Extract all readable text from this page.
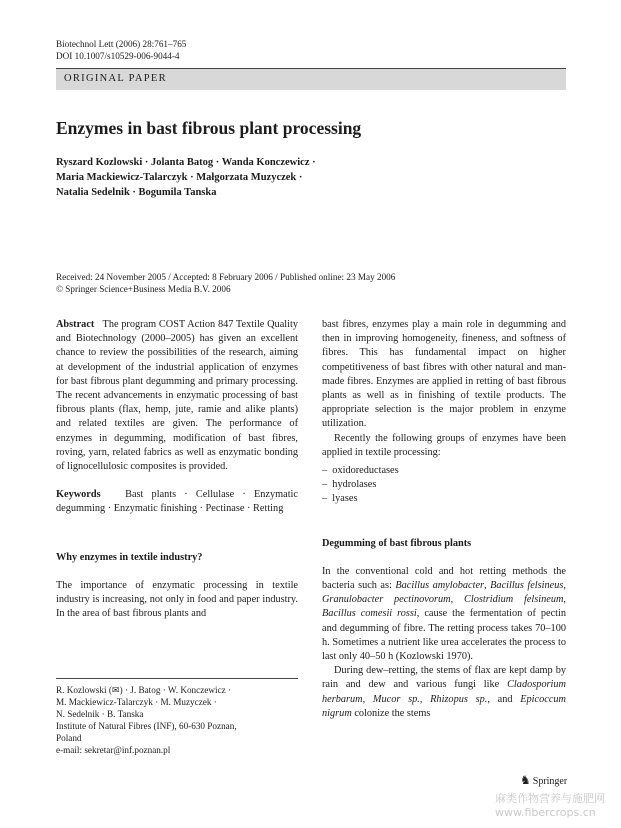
Biotechnol Lett (2006) 28:761–765
DOI 10.1007/s10529-006-9044-4
ORIGINAL PAPER
Enzymes in bast fibrous plant processing
Ryszard Kozlowski · Jolanta Batog · Wanda Konczewicz ·
Maria Mackiewicz-Talarczyk · Małgorzata Muzyczek ·
Natalia Sedelnik · Bogumila Tanska
Received: 24 November 2005 / Accepted: 8 February 2006 / Published online: 23 May 2006
© Springer Science+Business Media B.V. 2006

Abstract The program COST Action 847 Textile Quality and Biotechnology (2000–2005) has given an excellent chance to review the possibilities of the research, aiming at development of the industrial application of enzymes for bast fibrous plant degumming and primary processing. The recent advancements in enzymatic processing of bast fibrous plants (flax, hemp, jute, ramie and alike plants) and related textiles are given. The performance of enzymes in degumming, modification of bast fibres, roving, yarn, related fabrics as well as enzymatic bonding of lignocellulosic composites is provided.

Keywords Bast plants · Cellulase · Enzymatic degumming · Enzymatic finishing · Pectinase · Retting

Why enzymes in textile industry?

The importance of enzymatic processing in textile industry is increasing, not only in food and paper industry. In the area of bast fibrous plants and

R. Kozlowski (✉) · J. Batog · W. Konczewicz ·
M. Mackiewicz-Talarczyk · M. Muzyczek ·
N. Sedelnik · B. Tanska
Institute of Natural Fibres (INF), 60-630 Poznan,
Poland
e-mail: sekretar@inf.poznan.pl

bast fibres, enzymes play a main role in degumming and then in improving homogeneity, fineness, and softness of fibres. This has fundamental impact on higher competitiveness of bast fibres with other natural and man-made fibres. Enzymes are applied in retting of bast fibrous plants as well as in finishing of textile products. The appropriate selection is the major problem in enzyme utilization.

Recently the following groups of enzymes have been applied in textile processing:

–  oxidoreductases
–  hydrolases
–  lyases

Degumming of bast fibrous plants

In the conventional cold and hot retting methods the bacteria such as: Bacillus amylobacter, Bacillus felsineus, Granulobacter pectinovorum, Clostridium felsineum, Bacillus comesii rossi, cause the fermentation of pectin and degumming of fibre. The retting process takes 70–100 h. Sometimes a nutrient like urea accelerates the process to last only 40–50 h (Kozlowski 1970).

During dew–retting, the stems of flax are kept damp by rain and dew and various fungi like Cladosporium herbarum, Mucor sp., Rhizopus sp., and Epicoccum nigrum colonize the stems

♞ Springer
麻类作物营养与施肥网
www.fibercrops.cn
